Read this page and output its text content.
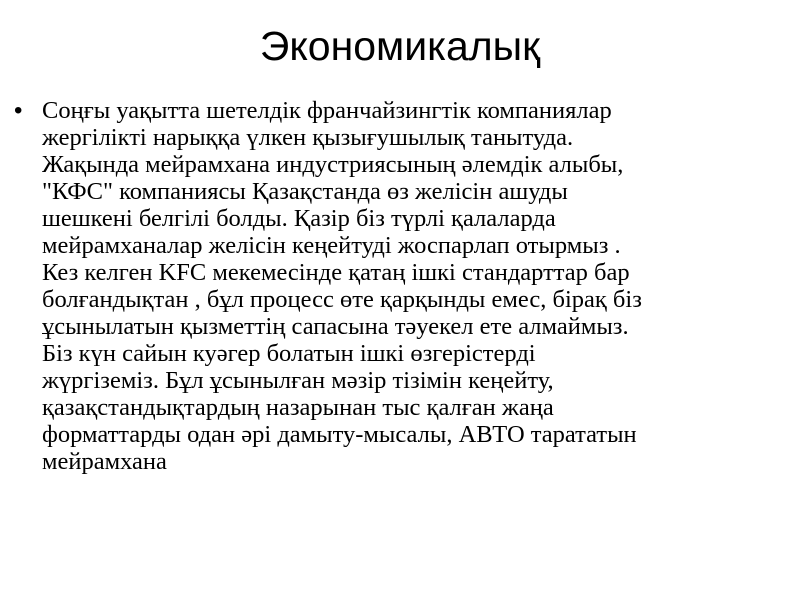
Экономикалық
• Соңғы уақытта шетелдік франчайзингтік компаниялар
жергілікті нарыққа үлкен қызығушылық танытуда.
Жақында мейрамхана индустриясының әлемдік алыбы,
"КФС" компаниясы Қазақстанда өз желісін ашуды
шешкені белгілі болды. Қазір біз түрлі қалаларда
мейрамханалар желісін кеңейтуді жоспарлап отырмыз .
Кез келген KFC мекемесінде қатаң ішкі стандарттар бар
болғандықтан , бұл процесс өте қарқынды емес, бірақ біз
ұсынылатын қызметтің сапасына тәуекел ете алмаймыз.
Біз күн сайын куәгер болатын ішкі өзгерістерді
жүргіземіз. Бұл ұсынылған мәзір тізімін кеңейту,
қазақстандықтардың назарынан тыс қалған жаңа
форматтарды одан әрі дамыту-мысалы, АВТО тарататын
мейрамхана
